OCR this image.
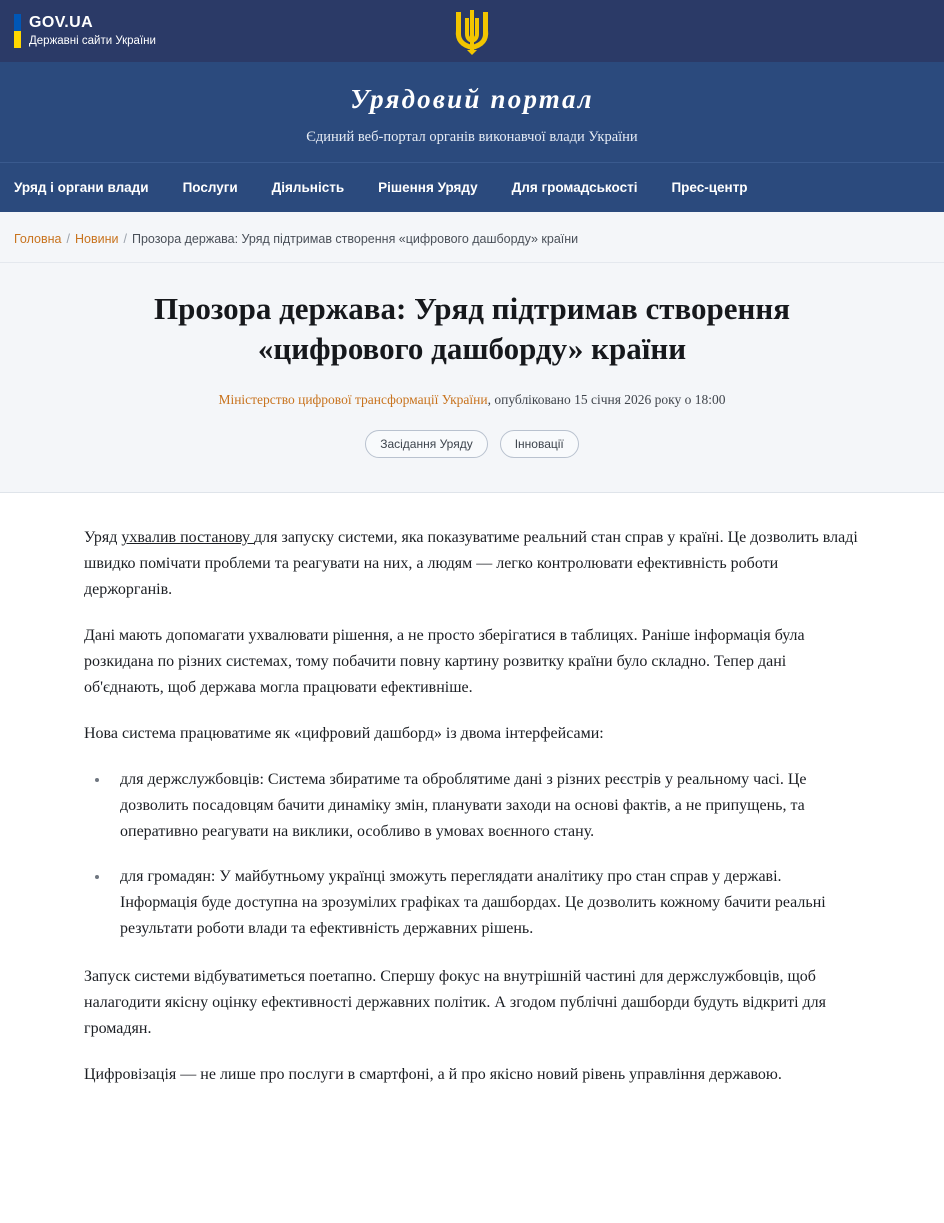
GOV.UA
Державні сайти України
Урядовий портал
Єдиний веб-портал органів виконавчої влади України
Уряд і органи влади	Послуги	Діяльність	Рішення Уряду	Для громадськості	Прес-центр
Головна / Новини / Прозора держава: Уряд підтримав створення «цифрового дашборду» країни
Прозора держава: Уряд підтримав створення «цифрового дашборду» країни
Міністерство цифрової трансформації України, опубліковано 15 січня 2026 року о 18:00
Засідання Уряду	Інновації

Уряд ухвалив постанову для запуску системи, яка показуватиме реальний стан справ у країні. Це дозволить владі швидко помічати проблеми та реагувати на них, а людям — легко контролювати ефективність роботи держорганів.

Дані мають допомагати ухвалювати рішення, а не просто зберігатися в таблицях. Раніше інформація була розкидана по різних системах, тому побачити повну картину розвитку країни було складно. Тепер дані об'єднають, щоб держава могла працювати ефективніше.

Нова система працюватиме як «цифровий дашборд» із двома інтерфейсами:

• для держслужбовців: Система збиратиме та оброблятиме дані з різних реєстрів у реальному часі. Це дозволить посадовцям бачити динаміку змін, планувати заходи на основі фактів, а не припущень, та оперативно реагувати на виклики, особливо в умовах воєнного стану.
• для громадян: У майбутньому українці зможуть переглядати аналітику про стан справ у державі. Інформація буде доступна на зрозумілих графіках та дашбордах. Це дозволить кожному бачити реальні результати роботи влади та ефективність державних рішень.

Запуск системи відбуватиметься поетапно. Спершу фокус на внутрішній частині для держслужбовців, щоб налагодити якісну оцінку ефективності державних політик. А згодом публічні дашборди будуть відкриті для громадян.

Цифровізація — не лише про послуги в смартфоні, а й про якісно новий рівень управління державою.
